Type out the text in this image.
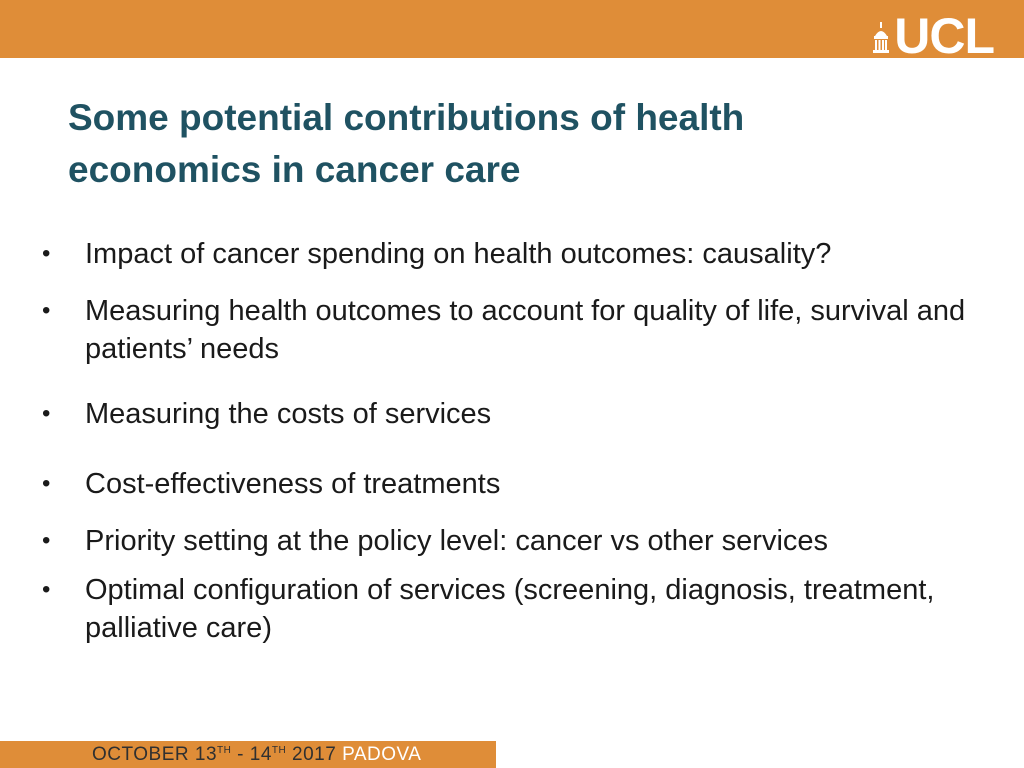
UCL
Some potential contributions of health economics in cancer care
•	Impact of cancer spending on health outcomes: causality?
•	Measuring health outcomes to account for quality of life, survival and patients’ needs
•	Measuring the costs of services
•	Cost-effectiveness of treatments
•	Priority setting at the policy level: cancer vs other services
•	Optimal configuration of services (screening, diagnosis, treatment, palliative care)
OCTOBER 13TH - 14TH 2017 PADOVA
